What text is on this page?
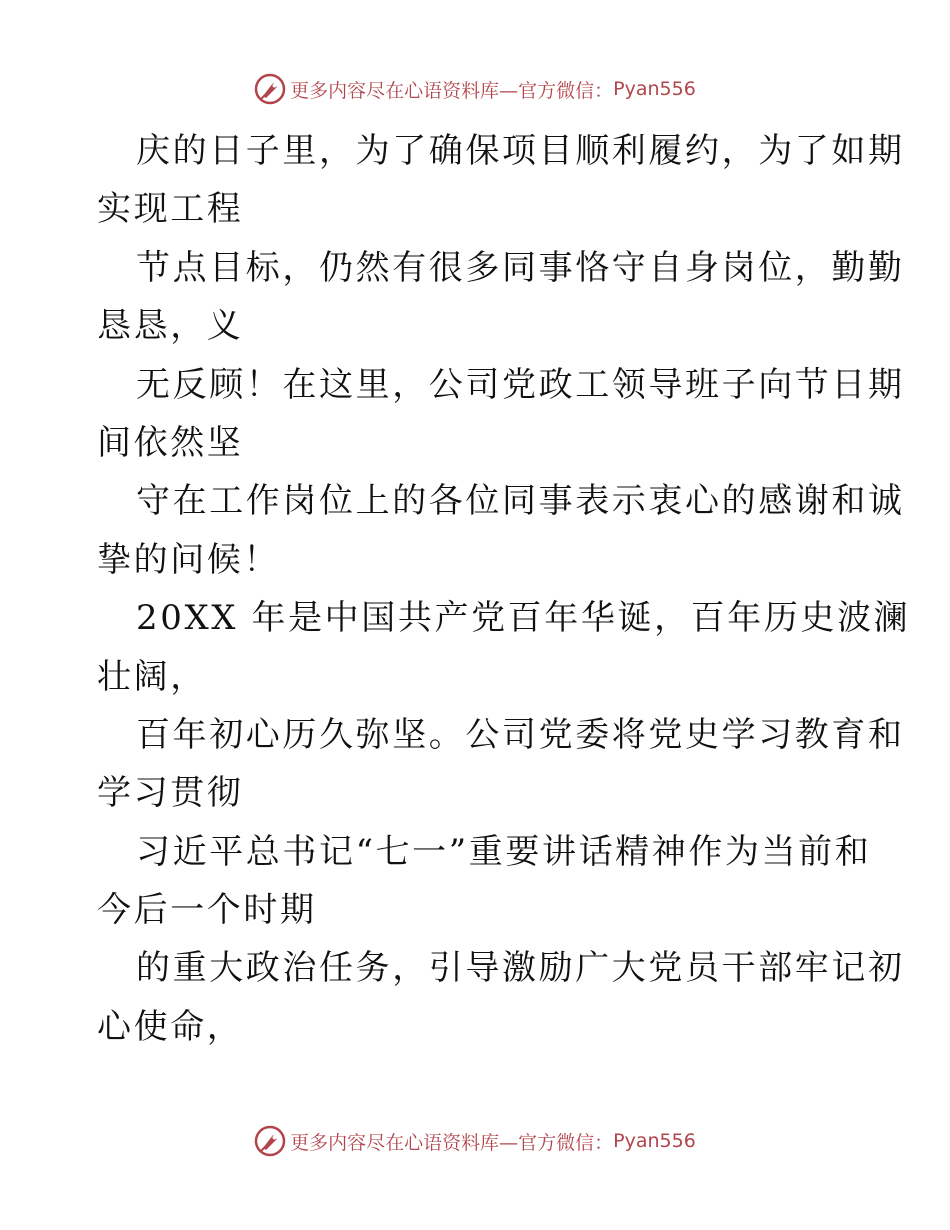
更多内容尽在心语资料库—官方微信： Pyan556
庆的日子里，为了确保项目顺利履约，为了如期
实现工程
节点目标，仍然有很多同事恪守自身岗位，勤勤
恳恳，义
无反顾！在这里，公司党政工领导班子向节日期
间依然坚
守在工作岗位上的各位同事表示衷心的感谢和诚
挚的问候！
20XX 年是中国共产党百年华诞，百年历史波澜
壮阔，
百年初心历久弥坚。公司党委将党史学习教育和
学习贯彻
习近平总书记“七一”重要讲话精神作为当前和
今后一个时期
的重大政治任务，引导激励广大党员干部牢记初
心使命，
更多内容尽在心语资料库—官方微信： Pyan556
